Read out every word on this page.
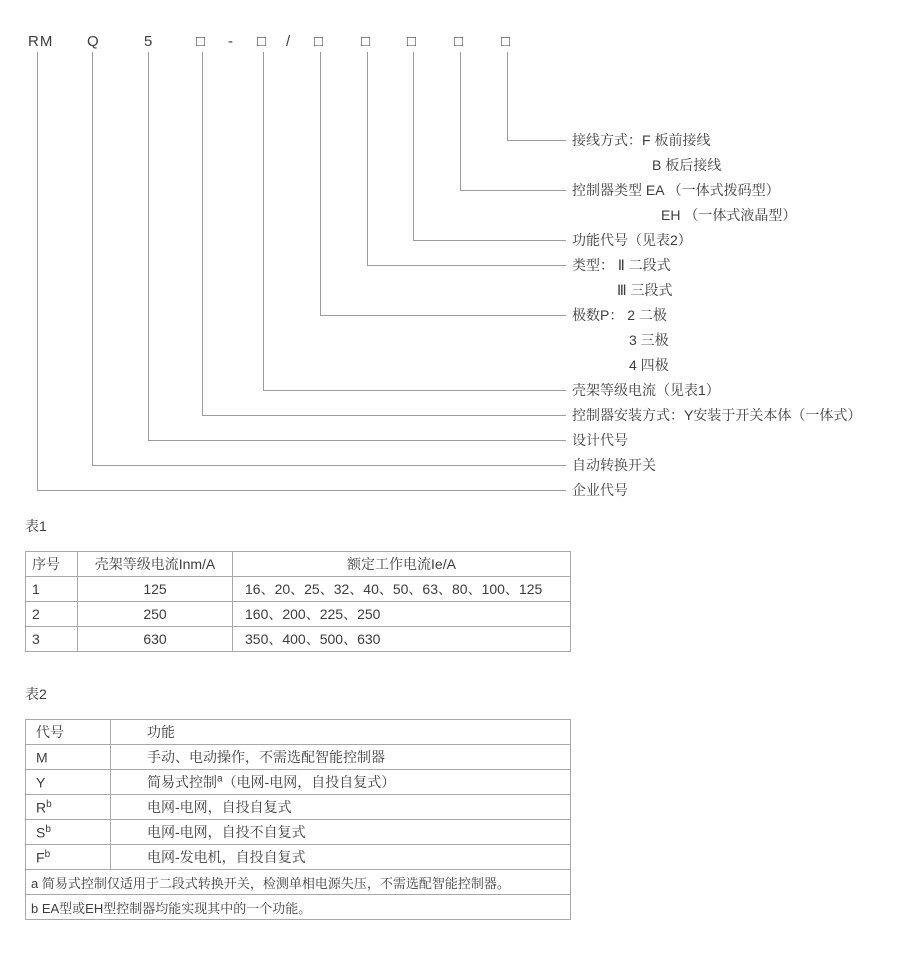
RM Q	5	□ - □ / □ □ □ □ □
接线方式：F 板前接线
B 板后接线
控制器类型 EA （一体式拨码型）
EH （一体式液晶型）
功能代号（见表2）
类型： Ⅱ 二段式
Ⅲ 三段式
极数P： 2 二极
3 三极
4 四极
壳架等级电流（见表1）
控制器安装方式：Y安装于开关本体（一体式）
设计代号
自动转换开关
企业代号
表1
序号	壳架等级电流Inm/A	额定工作电流Ie/A
1	125	16、20、25、32、40、50、63、80、100、125
2	250	160、200、225、250
3	630	350、400、500、630
表2
代号	功能
M	手动、电动操作，不需选配智能控制器
Y	简易式控制$^a$（电网-电网，自投自复式）
$R^b$	电网-电网，自投自复式
$S^b$	电网-电网，自投不自复式
$F^b$	电网-发电机，自投自复式
a 简易式控制仅适用于二段式转换开关，检测单相电源失压，不需选配智能控制器。	
b EA型或EH型控制器均能实现其中的一个功能。	
